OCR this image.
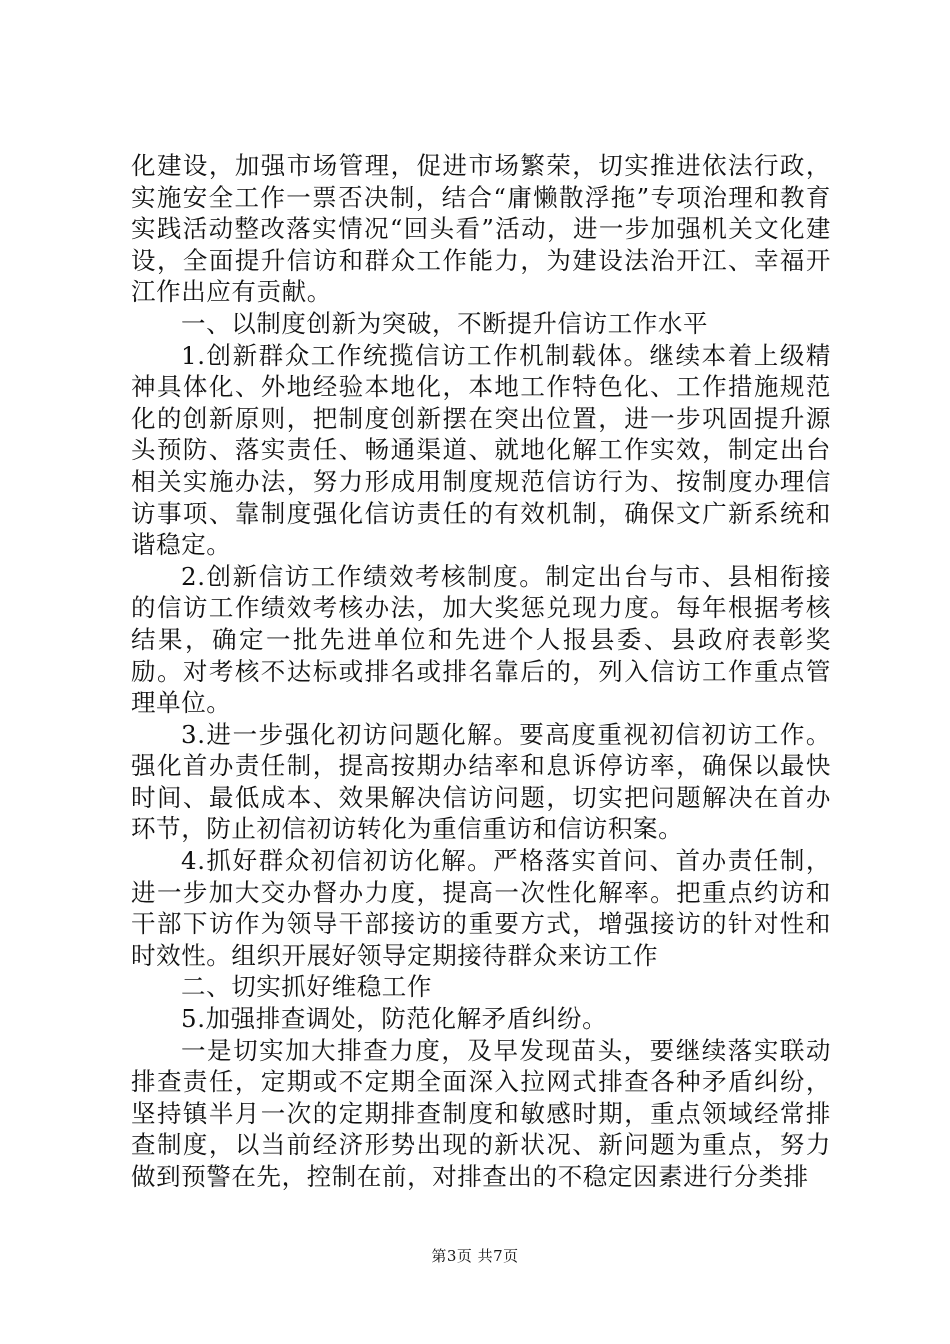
化建设，加强市场管理，促进市场繁荣，切实推进依法行政，实施安全工作一票否决制，结合“庸懒散浮拖”专项治理和教育实践活动整改落实情况“回头看”活动，进一步加强机关文化建设，全面提升信访和群众工作能力，为建设法治开江、幸福开江作出应有贡献。

一、以制度创新为突破，不断提升信访工作水平

1.创新群众工作统揽信访工作机制载体。继续本着上级精神具体化、外地经验本地化，本地工作特色化、工作措施规范化的创新原则，把制度创新摆在突出位置，进一步巩固提升源头预防、落实责任、畅通渠道、就地化解工作实效，制定出台相关实施办法，努力形成用制度规范信访行为、按制度办理信访事项、靠制度强化信访责任的有效机制，确保文广新系统和谐稳定。

2.创新信访工作绩效考核制度。制定出台与市、县相衔接的信访工作绩效考核办法，加大奖惩兑现力度。每年根据考核结果，确定一批先进单位和先进个人报县委、县政府表彰奖励。对考核不达标或排名或排名靠后的，列入信访工作重点管理单位。

3.进一步强化初访问题化解。要高度重视初信初访工作。强化首办责任制，提高按期办结率和息诉停访率，确保以最快时间、最低成本、效果解决信访问题，切实把问题解决在首办环节，防止初信初访转化为重信重访和信访积案。

4.抓好群众初信初访化解。严格落实首问、首办责任制，进一步加大交办督办力度，提高一次性化解率。把重点约访和干部下访作为领导干部接访的重要方式，增强接访的针对性和时效性。组织开展好领导定期接待群众来访工作

二、切实抓好维稳工作

5.加强排查调处，防范化解矛盾纠纷。

一是切实加大排查力度，及早发现苗头，要继续落实联动排查责任，定期或不定期全面深入拉网式排查各种矛盾纠纷，坚持镇半月一次的定期排查制度和敏感时期，重点领域经常排查制度，以当前经济形势出现的新状况、新问题为重点，努力做到预警在先，控制在前，对排查出的不稳定因素进行分类排

第3页 共7页
